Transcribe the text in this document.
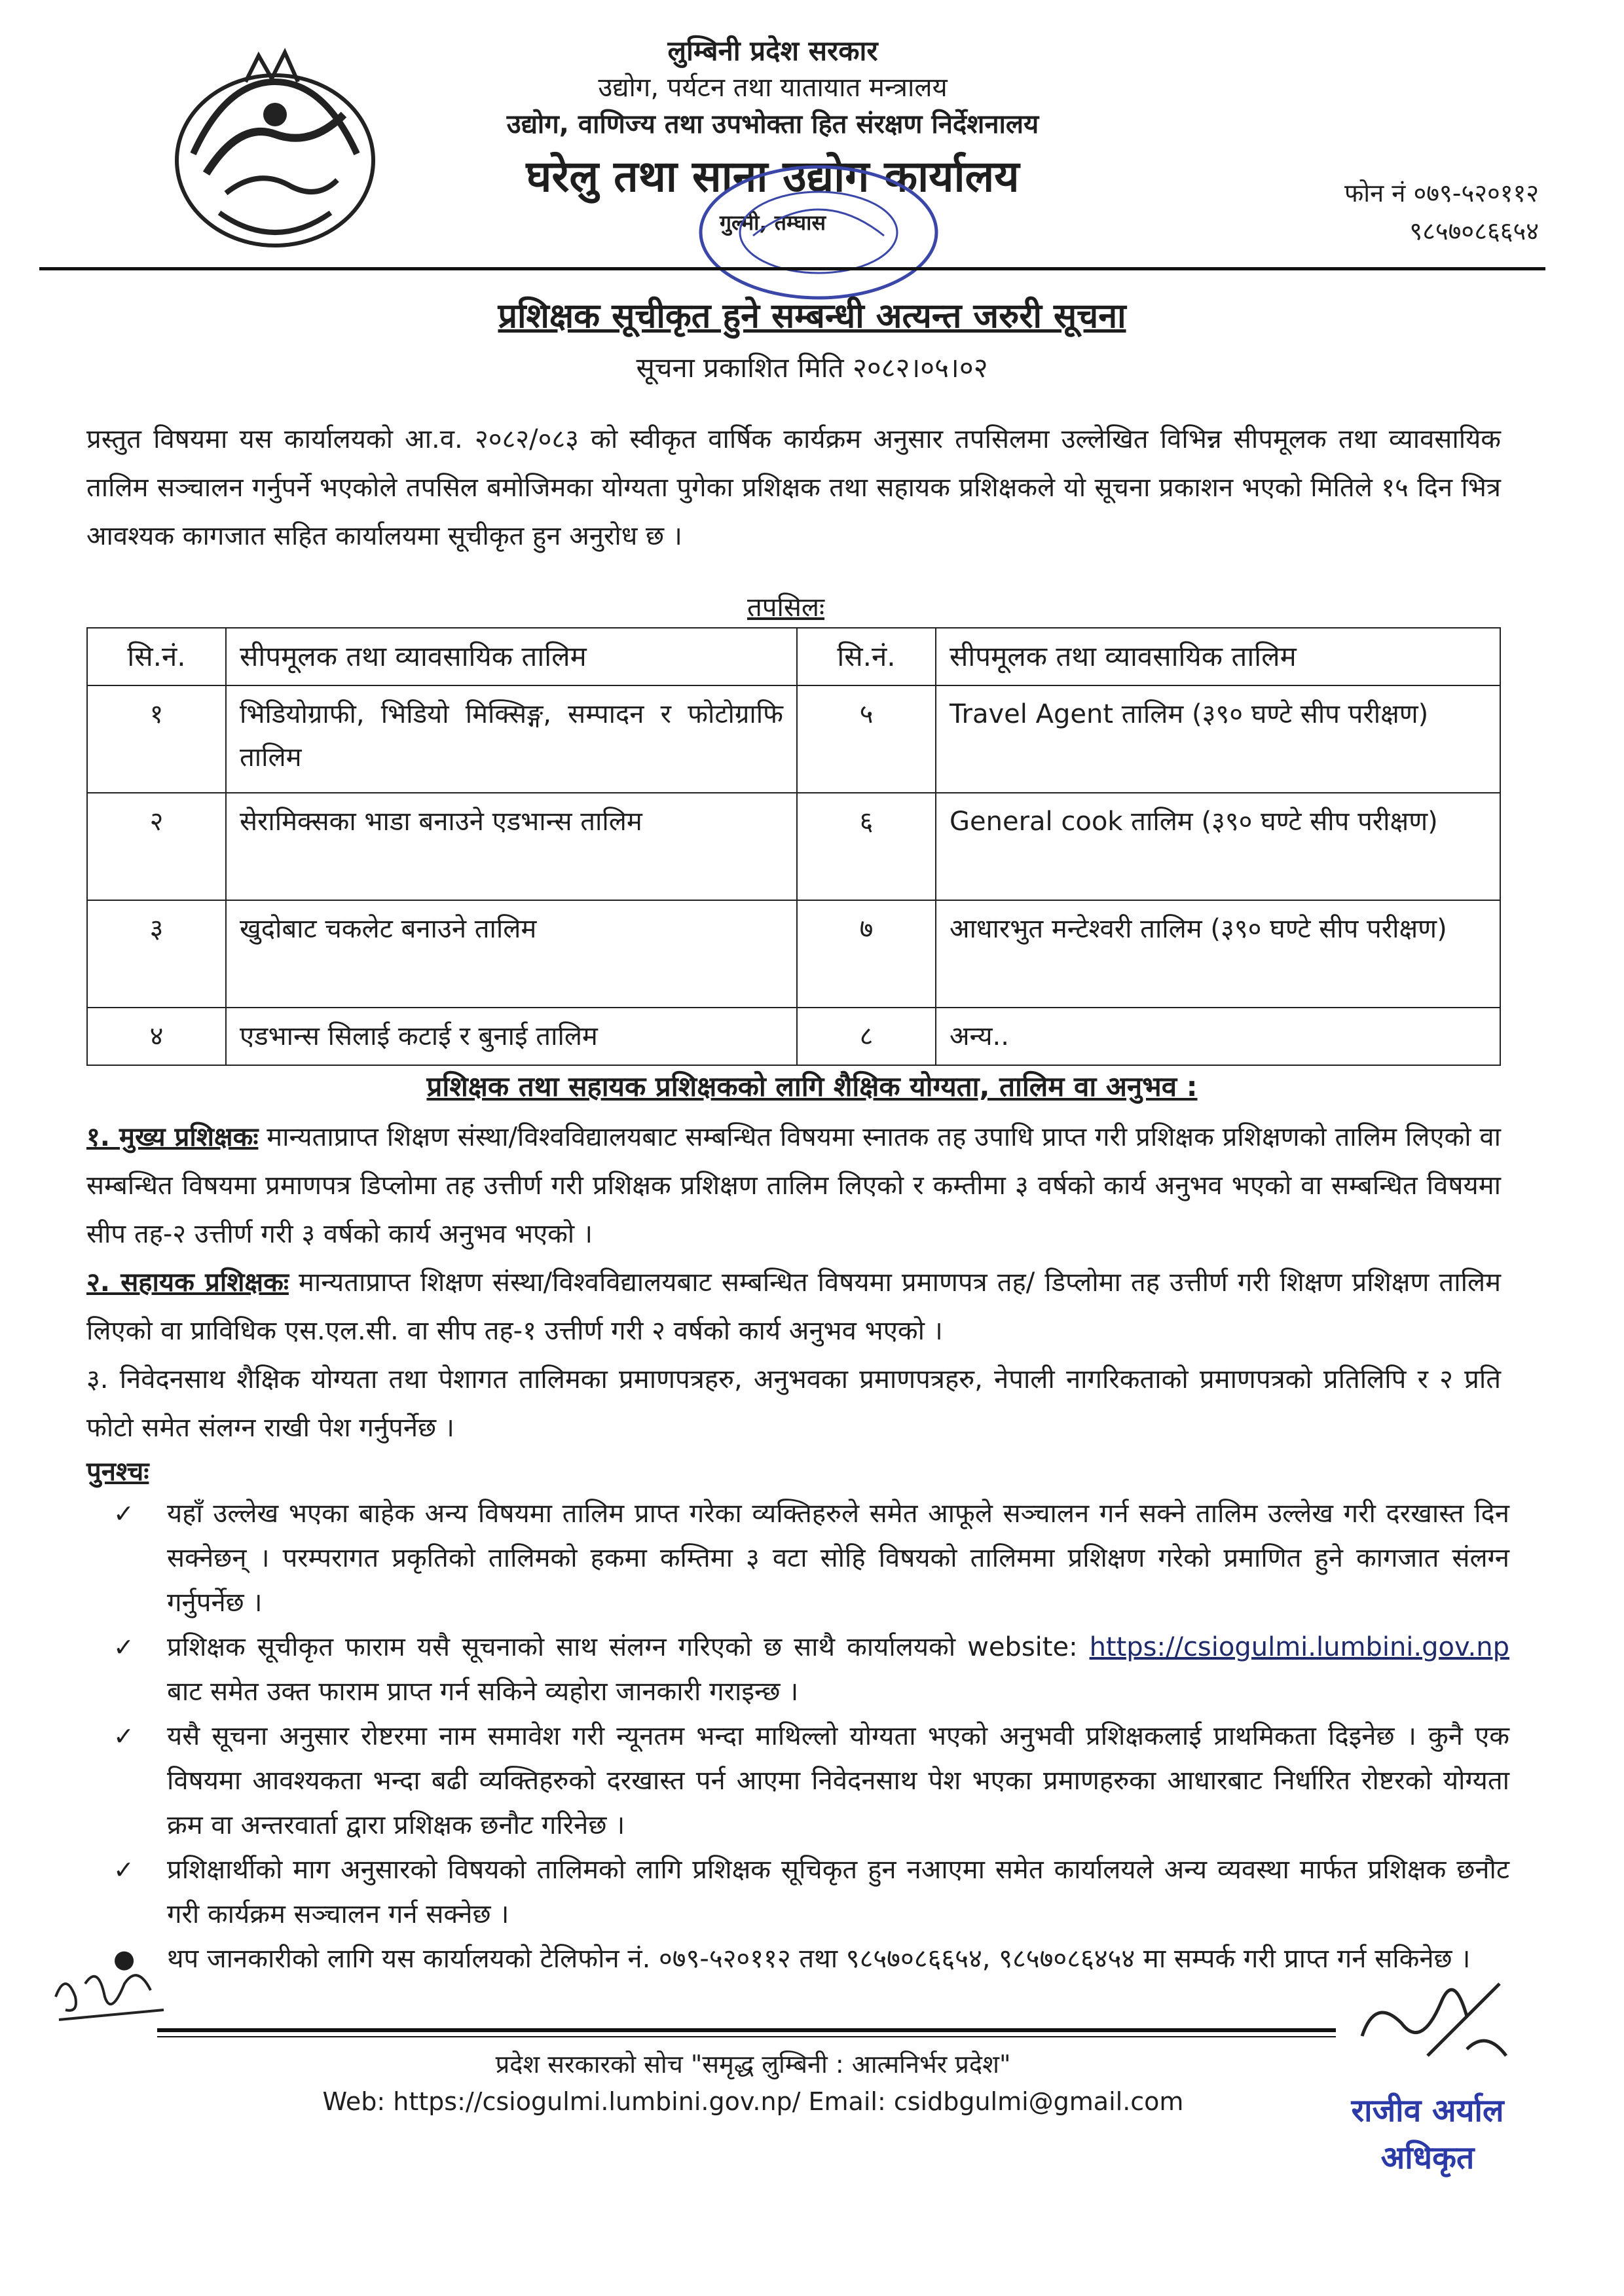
लुम्बिनी प्रदेश सरकार
उद्योग, पर्यटन तथा यातायात मन्त्रालय
उद्योग, वाणिज्य तथा उपभोक्ता हित संरक्षण निर्देशनालय
घरेलु तथा साना उद्योग कार्यालय
गुल्मी, तम्घास
फोन नं ०७९-५२०११२
९८५७०८६६५४
प्रशिक्षक सूचीकृत हुने सम्बन्धी अत्यन्त जरुरी सूचना
सूचना प्रकाशित मिति २०८२।०५।०२
प्रस्तुत विषयमा यस कार्यालयको आ.व. २०८२/०८३ को स्वीकृत वार्षिक कार्यक्रम अनुसार तपसिलमा उल्लेखित विभिन्न सीपमूलक तथा व्यावसायिक तालिम सञ्चालन गर्नुपर्ने भएकोले तपसिल बमोजिमका योग्यता पुगेका प्रशिक्षक तथा सहायक प्रशिक्षकले यो सूचना प्रकाशन भएको मितिले १५ दिन भित्र आवश्यक कागजात सहित कार्यालयमा सूचीकृत हुन अनुरोध छ ।
तपसिलः
सि.नं.	सीपमूलक तथा व्यावसायिक तालिम	सि.नं.	सीपमूलक तथा व्यावसायिक तालिम
१	भिडियोग्राफी, भिडियो मिक्सिङ्ग, सम्पादन र फोटोग्राफि तालिम	५	Travel Agent तालिम (३९० घण्टे सीप परीक्षण)
२	सेरामिक्सका भाडा बनाउने एडभान्स तालिम	६	General cook तालिम (३९० घण्टे सीप परीक्षण)
३	खुदोबाट चकलेट बनाउने तालिम	७	आधारभुत मन्टेश्वरी तालिम (३९० घण्टे सीप परीक्षण)
४	एडभान्स सिलाई कटाई र बुनाई तालिम	८	अन्य..
प्रशिक्षक तथा सहायक प्रशिक्षकको लागि शैक्षिक योग्यता, तालिम वा अनुभव :
१. मुख्य प्रशिक्षकः मान्यताप्राप्त शिक्षण संस्था/विश्वविद्यालयबाट सम्बन्धित विषयमा स्नातक तह उपाधि प्राप्त गरी प्रशिक्षक प्रशिक्षणको तालिम लिएको वा सम्बन्धित विषयमा प्रमाणपत्र डिप्लोमा तह उत्तीर्ण गरी प्रशिक्षक प्रशिक्षण तालिम लिएको र कम्तीमा ३ वर्षको कार्य अनुभव भएको वा सम्बन्धित विषयमा सीप तह-२ उत्तीर्ण गरी ३ वर्षको कार्य अनुभव भएको ।
२. सहायक प्रशिक्षकः मान्यताप्राप्त शिक्षण संस्था/विश्वविद्यालयबाट सम्बन्धित विषयमा प्रमाणपत्र तह/ डिप्लोमा तह उत्तीर्ण गरी शिक्षण प्रशिक्षण तालिम लिएको वा प्राविधिक एस.एल.सी. वा सीप तह-१ उत्तीर्ण गरी २ वर्षको कार्य अनुभव भएको ।
३. निवेदनसाथ शैक्षिक योग्यता तथा पेशागत तालिमका प्रमाणपत्रहरु, अनुभवका प्रमाणपत्रहरु, नेपाली नागरिकताको प्रमाणपत्रको प्रतिलिपि र २ प्रति फोटो समेत संलग्न राखी पेश गर्नुपर्नेछ ।
पुनश्चः
✓ यहाँ उल्लेख भएका बाहेक अन्य विषयमा तालिम प्राप्त गरेका व्यक्तिहरुले समेत आफूले सञ्चालन गर्न सक्ने तालिम उल्लेख गरी दरखास्त दिन सक्नेछन् । परम्परागत प्रकृतिको तालिमको हकमा कम्तिमा ३ वटा सोहि विषयको तालिममा प्रशिक्षण गरेको प्रमाणित हुने कागजात संलग्न गर्नुपर्नेछ ।
✓ प्रशिक्षक सूचीकृत फाराम यसै सूचनाको साथ संलग्न गरिएको छ साथै कार्यालयको website: https://csiogulmi.lumbini.gov.np बाट समेत उक्त फाराम प्राप्त गर्न सकिने व्यहोरा जानकारी गराइन्छ ।
✓ यसै सूचना अनुसार रोष्टरमा नाम समावेश गरी न्यूनतम भन्दा माथिल्लो योग्यता भएको अनुभवी प्रशिक्षकलाई प्राथमिकता दिइनेछ । कुनै एक विषयमा आवश्यकता भन्दा बढी व्यक्तिहरुको दरखास्त पर्न आएमा निवेदनसाथ पेश भएका प्रमाणहरुका आधारबाट निर्धारित रोष्टरको योग्यता क्रम वा अन्तरवार्ता द्वारा प्रशिक्षक छनौट गरिनेछ ।
✓ प्रशिक्षार्थीको माग अनुसारको विषयको तालिमको लागि प्रशिक्षक सूचिकृत हुन नआएमा समेत कार्यालयले अन्य व्यवस्था मार्फत प्रशिक्षक छनौट गरी कार्यक्रम सञ्चालन गर्न सक्नेछ ।
● थप जानकारीको लागि यस कार्यालयको टेलिफोन नं. ०७९-५२०११२ तथा ९८५७०८६६५४, ९८५७०८६४५४ मा सम्पर्क गरी प्राप्त गर्न सकिनेछ ।
प्रदेश सरकारको सोच "समृद्ध लुम्बिनी : आत्मनिर्भर प्रदेश"
Web: https://csiogulmi.lumbini.gov.np/ Email: csidbgulmi@gmail.com	राजीव अर्याल
अधिकृत
